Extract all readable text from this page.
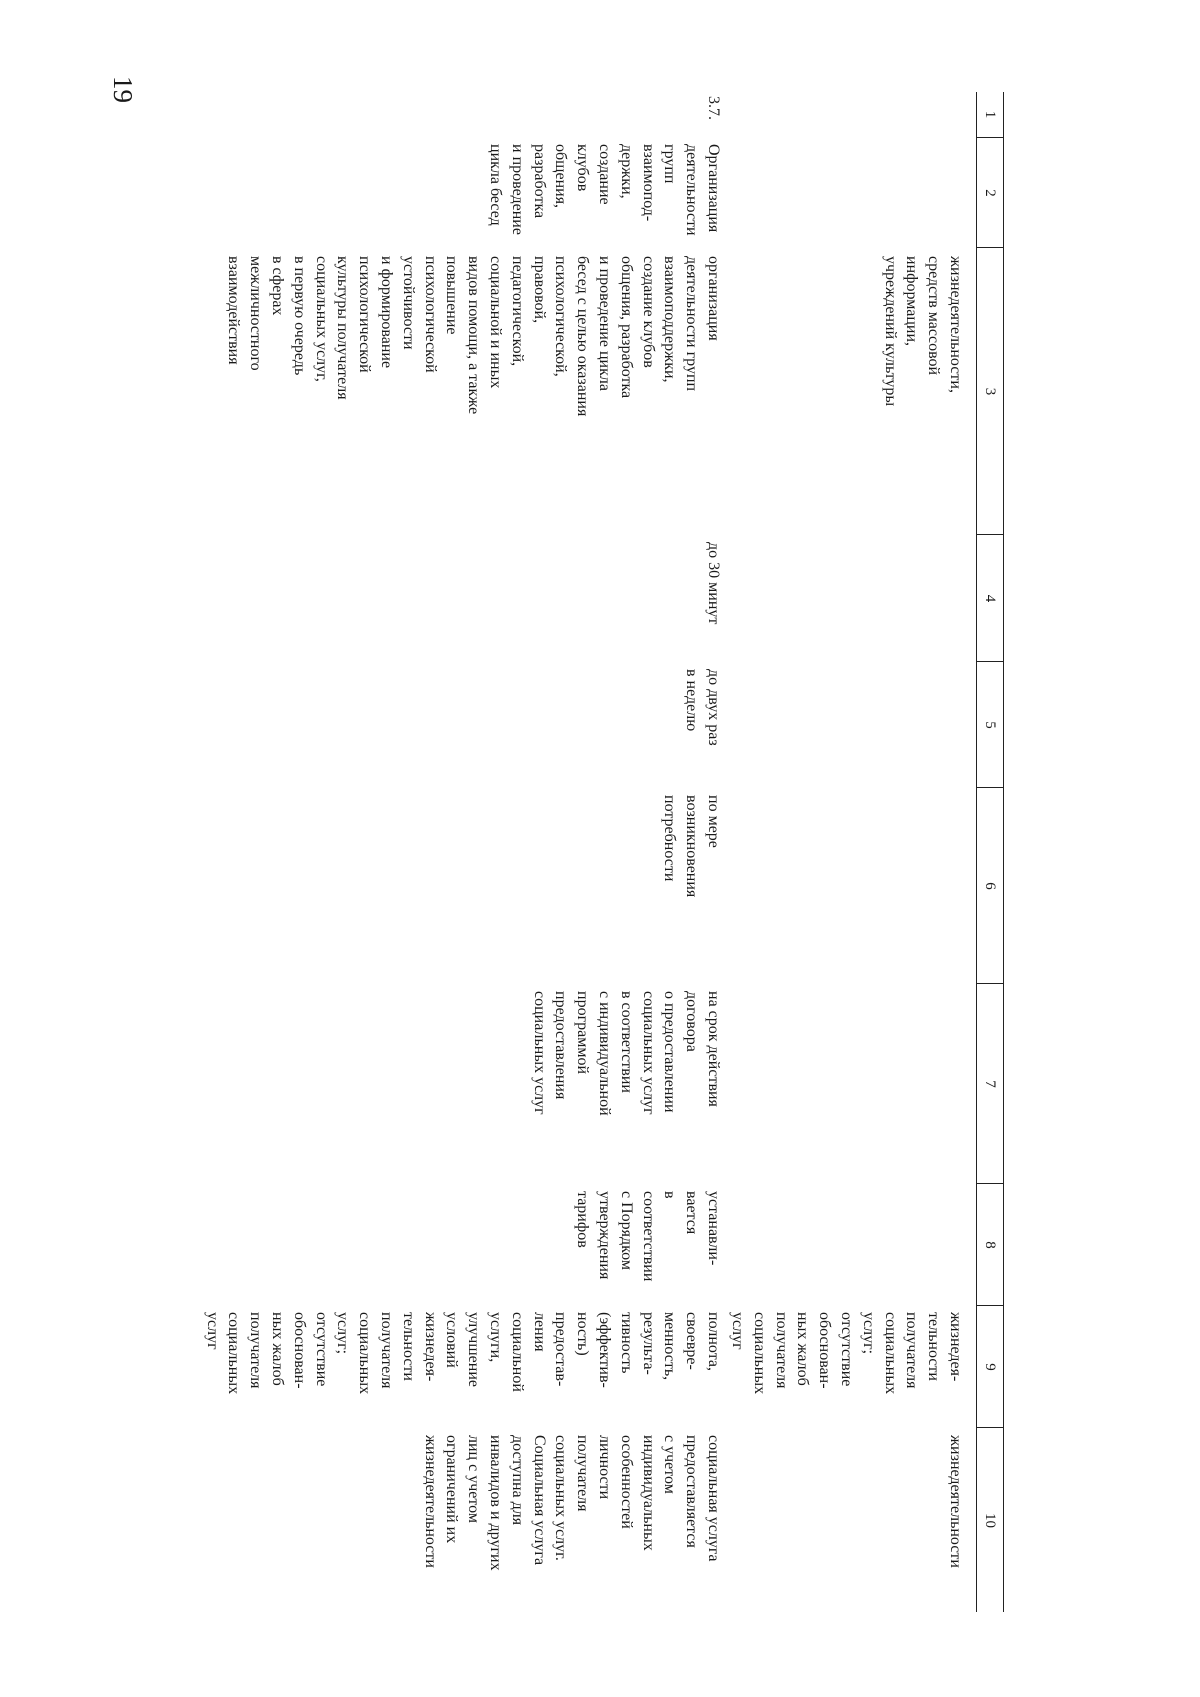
19
1
2
3
4
5
6
7
8
9
10
жизнедеятельности,
средств массовой
информации,
учреждений культуры
жизнедея-
тельности
получателя
социальных
услуг;
отсутствие
обоснован-
ных жалоб
получателя
социальных
услуг
жизнедеятельности
3.7.
Организация
деятельности
групп
взаимопод-
держки,
создание
клубов
общения,
разработка
и проведение
цикла бесед
организация
деятельности групп
взаимоподдержки,
создание клубов
общения, разработка
и проведение цикла
бесед с целью оказания
психологической,
правовой,
педагогической,
социальной и иных
видов помощи, а также
повышение
психологической
устойчивости
и формирование
психологической
культуры получателя
социальных услуг,
в первую очередь
в сферах
межличностного
взаимодействия
до 30 минут
до двух раз
в неделю
по мере
возникновения
потребности
на срок действия
договора
о предоставлении
социальных услуг
в соответствии
с индивидуальной
программой
предоставления
социальных услуг
устанавли-
вается
в
соответствии
с Порядком
утверждения
тарифов
полнота,
своевре-
менность,
результа-
тивность
(эффектив-
ность)
предостав-
ления
социальной
услуги,
улучшение
условий
жизнедея-
тельности
получателя
социальных
услуг;
отсутствие
обоснован-
ных жалоб
получателя
социальных
услуг
социальная услуга
предоставляется
с учетом
индивидуальных
особенностей
личности
получателя
социальных услуг.
Социальная услуга
доступна для
инвалидов и других
лиц с учетом
ограничений их
жизнедеятельности
